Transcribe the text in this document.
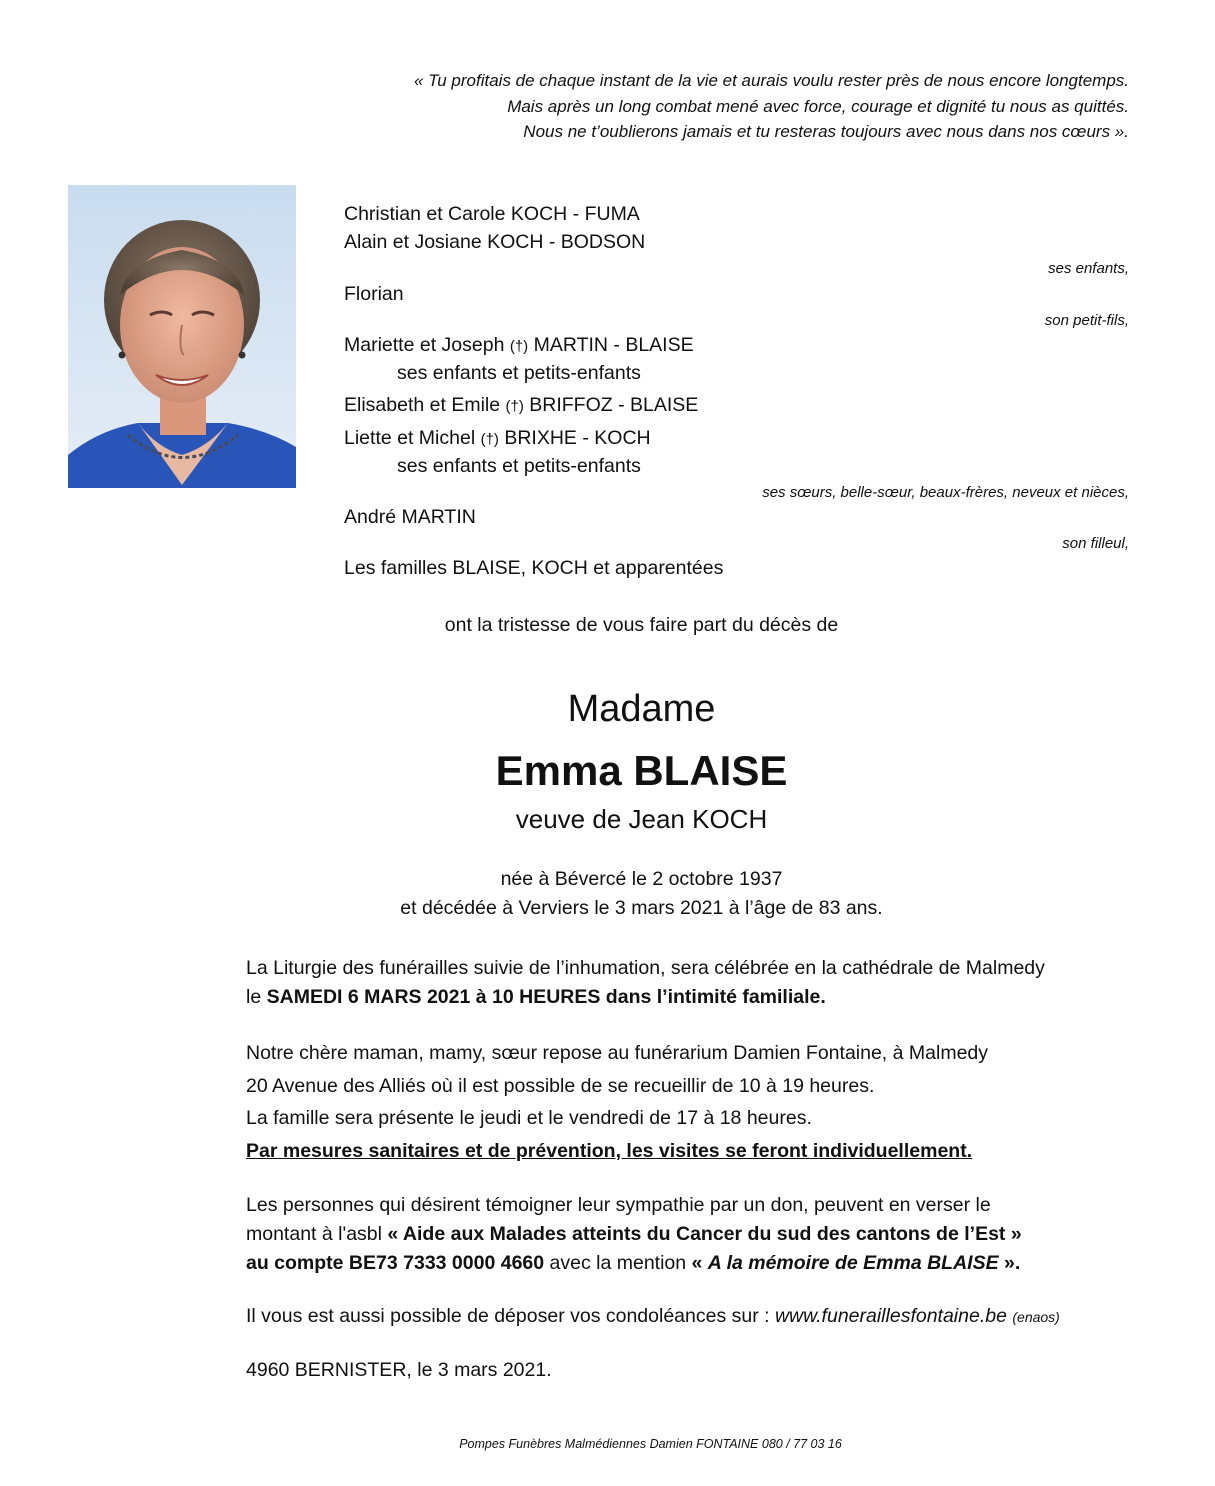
« Tu profitais de chaque instant de la vie et aurais voulu rester près de nous encore longtemps.
Mais après un long combat mené avec force, courage et dignité tu nous as quittés.
Nous ne t’oublierons jamais et tu resteras toujours avec nous dans nos cœurs ».
Christian et Carole KOCH - FUMA
Alain et Josiane KOCH - BODSON
ses enfants,
Florian
son petit-fils,
Mariette et Joseph (†) MARTIN - BLAISE
ses enfants et petits-enfants
Elisabeth et Emile (†) BRIFFOZ - BLAISE
Liette et Michel (†) BRIXHE - KOCH
ses enfants et petits-enfants
ses sœurs, belle-sœur, beaux-frères, neveux et nièces,
André MARTIN
son filleul,
Les familles BLAISE, KOCH et apparentées
ont la tristesse de vous faire part du décès de
Madame
Emma BLAISE
veuve de Jean KOCH
née à Bévercé le 2 octobre 1937
et décédée à Verviers le 3 mars 2021 à l’âge de 83 ans.
La Liturgie des funérailles suivie de l’inhumation, sera célébrée en la cathédrale de Malmedy
le SAMEDI 6 MARS 2021 à 10 HEURES dans l’intimité familiale.
Notre chère maman, mamy, sœur repose au funérarium Damien Fontaine, à Malmedy
20 Avenue des Alliés où il est possible de se recueillir de 10 à 19 heures.
La famille sera présente le jeudi et le vendredi de 17 à 18 heures.
Par mesures sanitaires et de prévention, les visites se feront individuellement.
Les personnes qui désirent témoigner leur sympathie par un don, peuvent en verser le
montant à l'asbl « Aide aux Malades atteints du Cancer du sud des cantons de l’Est »
au compte BE73 7333 0000 4660 avec la mention « A la mémoire de Emma BLAISE ».
Il vous est aussi possible de déposer vos condoléances sur : www.funeraillesfontaine.be (enaos)
4960 BERNISTER, le 3 mars 2021.
Pompes Funèbres Malmédiennes Damien FONTAINE 080 / 77 03 16
